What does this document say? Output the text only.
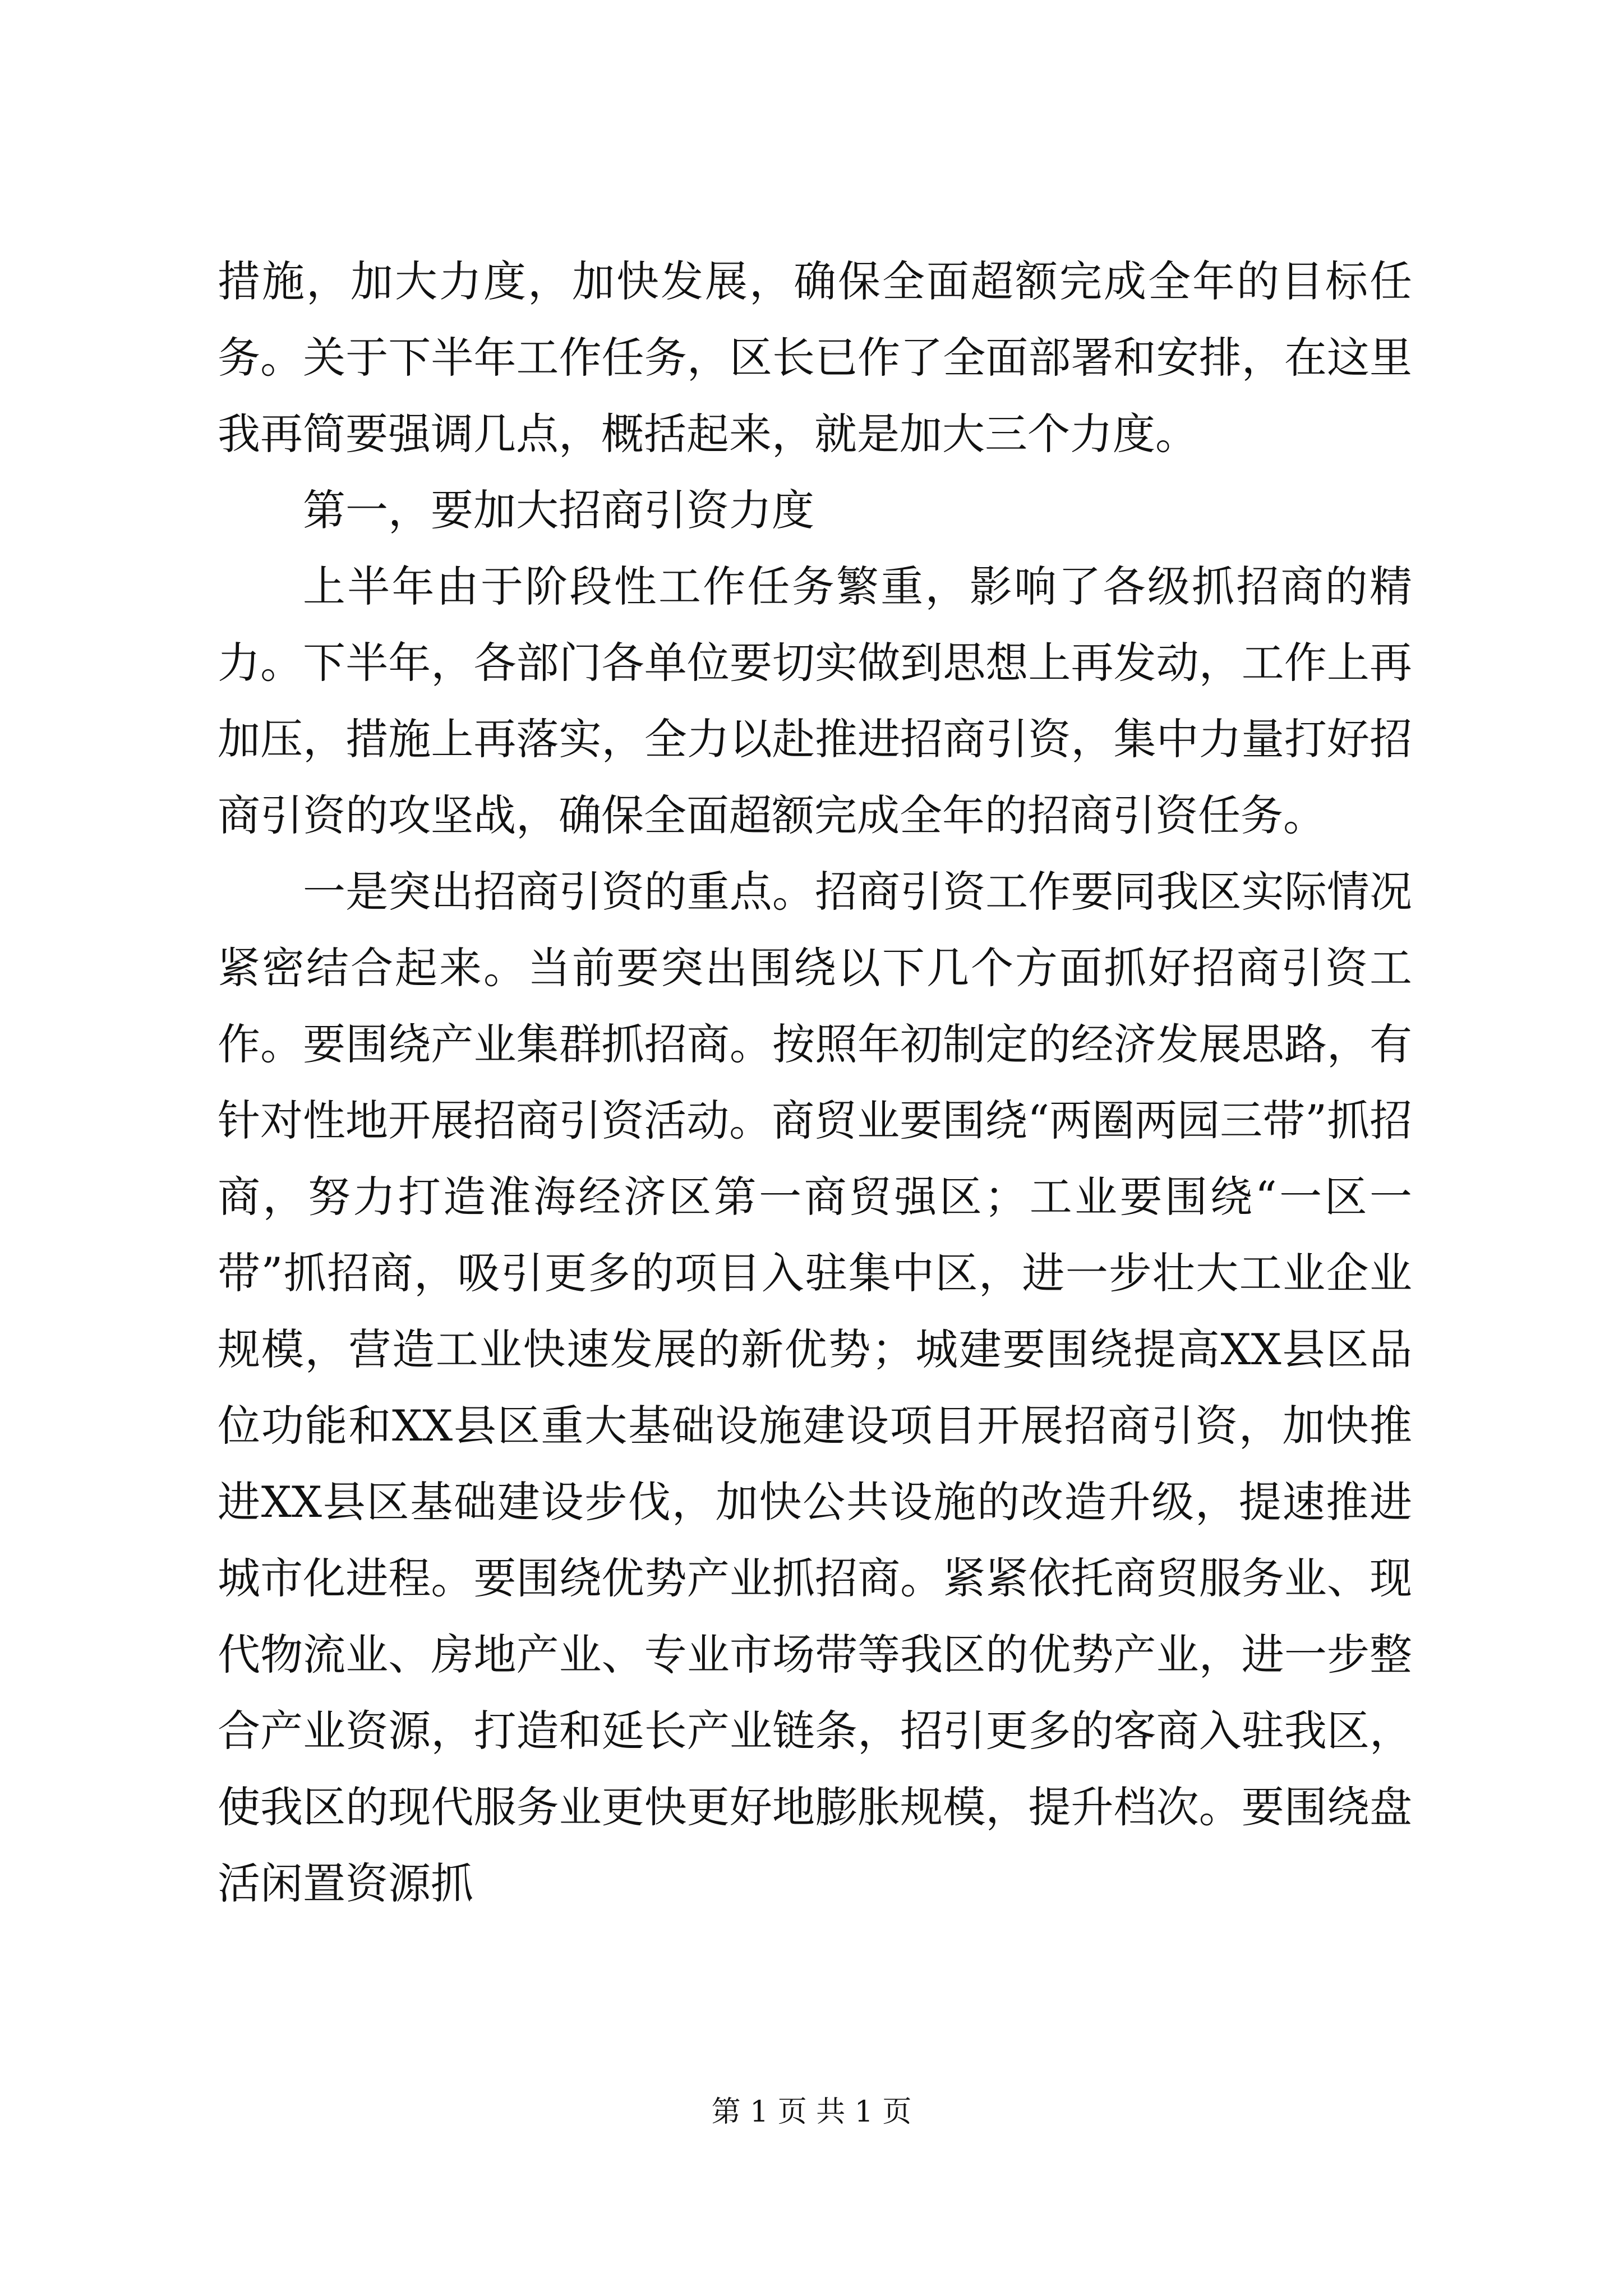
措施，加大力度，加快发展，确保全面超额完成全年的目标任务。关于下半年工作任务，区长已作了全面部署和安排，在这里我再简要强调几点，概括起来，就是加大三个力度。

第一，要加大招商引资力度

上半年由于阶段性工作任务繁重，影响了各级抓招商的精力。下半年，各部门各单位要切实做到思想上再发动，工作上再加压，措施上再落实，全力以赴推进招商引资，集中力量打好招商引资的攻坚战，确保全面超额完成全年的招商引资任务。

一是突出招商引资的重点。招商引资工作要同我区实际情况紧密结合起来。当前要突出围绕以下几个方面抓好招商引资工作。要围绕产业集群抓招商。按照年初制定的经济发展思路，有针对性地开展招商引资活动。商贸业要围绕“两圈两园三带”抓招商，努力打造淮海经济区第一商贸强区；工业要围绕“一区一带”抓招商，吸引更多的项目入驻集中区，进一步壮大工业企业规模，营造工业快速发展的新优势；城建要围绕提高XX县区品位功能和XX县区重大基础设施建设项目开展招商引资，加快推进XX县区基础建设步伐，加快公共设施的改造升级，提速推进城市化进程。要围绕优势产业抓招商。紧紧依托商贸服务业、现代物流业、房地产业、专业市场带等我区的优势产业，进一步整合产业资源，打造和延长产业链条，招引更多的客商入驻我区，使我区的现代服务业更快更好地膨胀规模，提升档次。要围绕盘活闲置资源抓

第 1 页 共 1 页
